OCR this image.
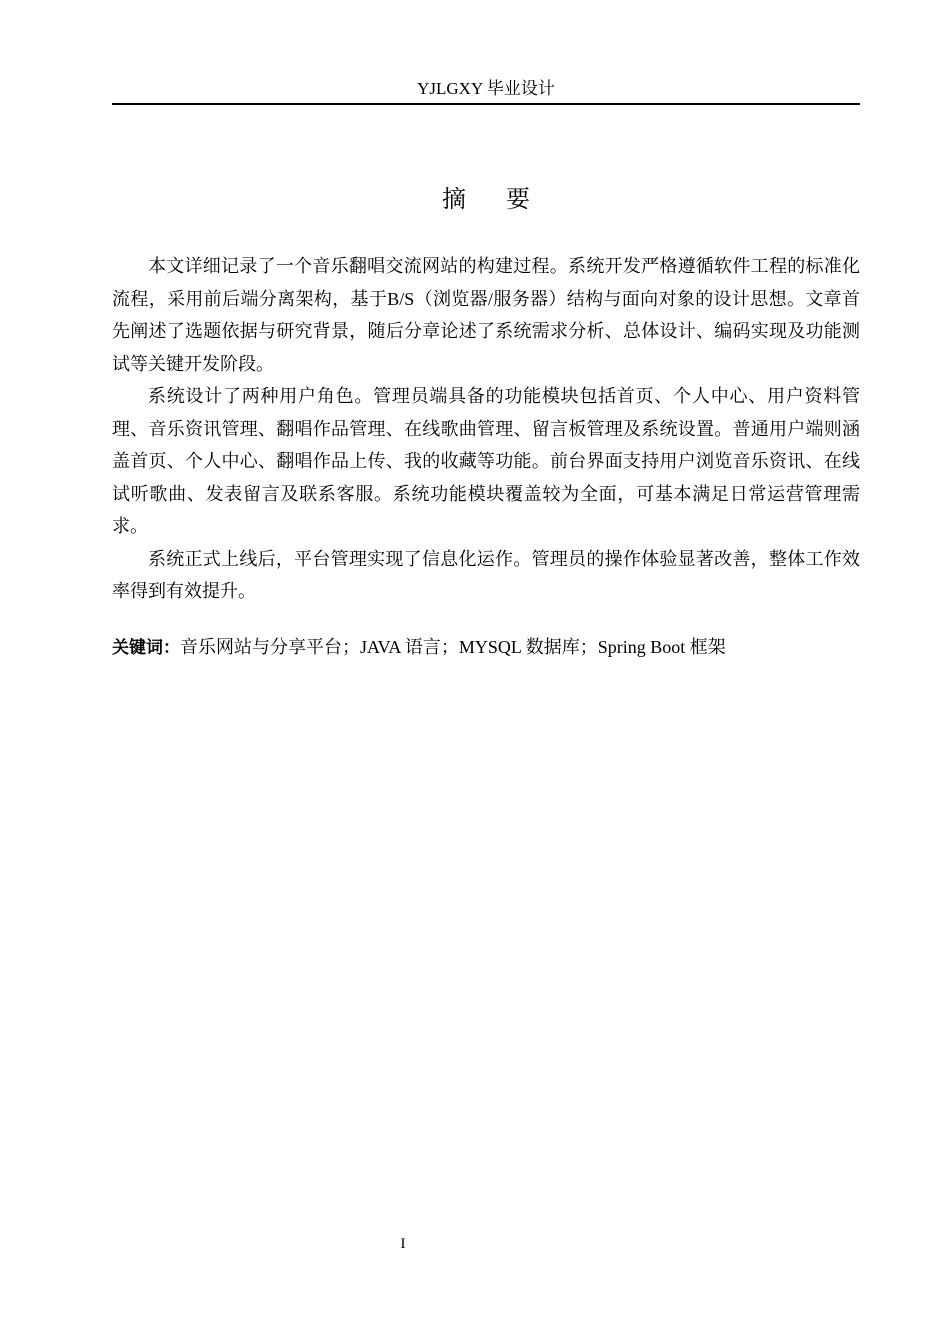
YJLGXY 毕业设计
摘要

本文详细记录了一个音乐翻唱交流网站的构建过程。系统开发严格遵循软件工程的标准化流程，采用前后端分离架构，基于B/S（浏览器/服务器）结构与面向对象的设计思想。文章首先阐述了选题依据与研究背景，随后分章论述了系统需求分析、总体设计、编码实现及功能测试等关键开发阶段。

系统设计了两种用户角色。管理员端具备的功能模块包括首页、个人中心、用户资料管理、音乐资讯管理、翻唱作品管理、在线歌曲管理、留言板管理及系统设置。普通用户端则涵盖首页、个人中心、翻唱作品上传、我的收藏等功能。前台界面支持用户浏览音乐资讯、在线试听歌曲、发表留言及联系客服。系统功能模块覆盖较为全面，可基本满足日常运营管理需求。

系统正式上线后，平台管理实现了信息化运作。管理员的操作体验显著改善，整体工作效率得到有效提升。

关键词：音乐网站与分享平台；JAVA 语言；MYSQL 数据库；Spring Boot 框架
I
